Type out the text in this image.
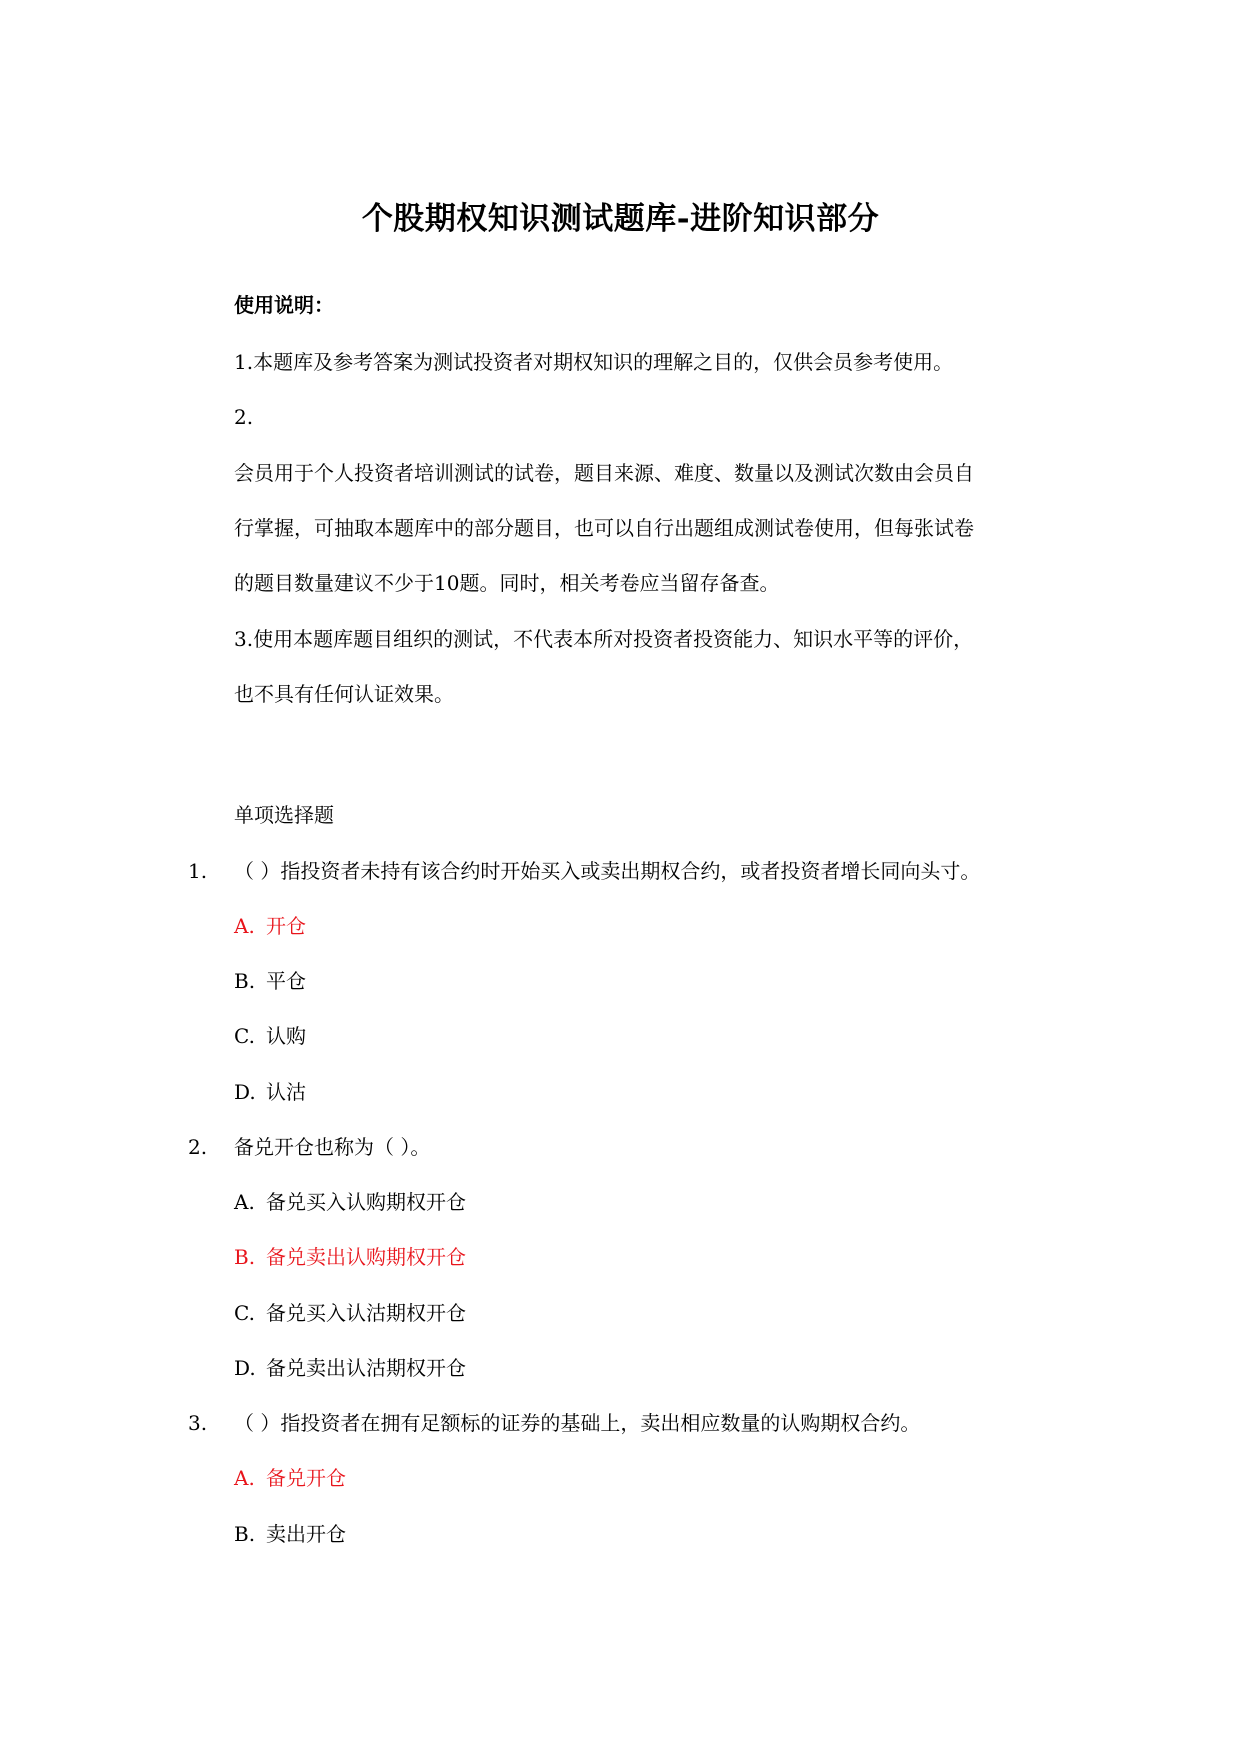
个股期权知识测试题库-进阶知识部分
使用说明：
1.本题库及参考答案为测试投资者对期权知识的理解之目的，仅供会员参考使用。
2.
会员用于个人投资者培训测试的试卷，题目来源、难度、数量以及测试次数由会员自
行掌握，可抽取本题库中的部分题目，也可以自行出题组成测试卷使用，但每张试卷
的题目数量建议不少于10题。同时，相关考卷应当留存备查。
3.使用本题库题目组织的测试，不代表本所对投资者投资能力、知识水平等的评价，
也不具有任何认证效果。
单项选择题
1. （ ）指投资者未持有该合约时开始买入或卖出期权合约，或者投资者增长同向头寸。
A. 开仓
B. 平仓
C. 认购
D. 认沽
2. 备兑开仓也称为（ ）。
A. 备兑买入认购期权开仓
B. 备兑卖出认购期权开仓
C. 备兑买入认沽期权开仓
D. 备兑卖出认沽期权开仓
3. （ ）指投资者在拥有足额标的证券的基础上，卖出相应数量的认购期权合约。
A. 备兑开仓
B. 卖出开仓
